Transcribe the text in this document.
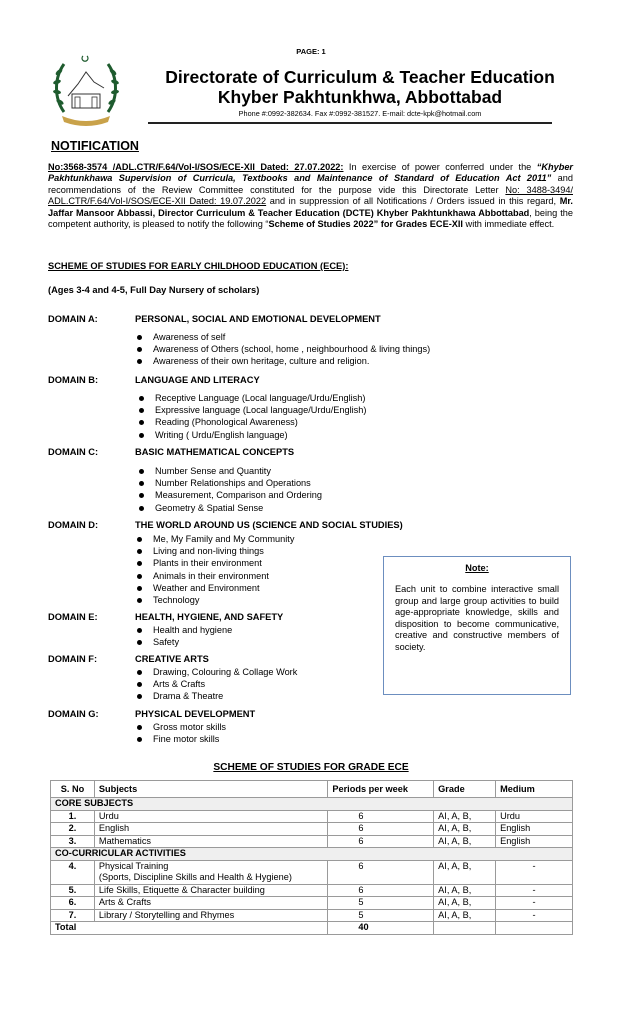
PAGE: 1
Directorate of Curriculum & Teacher Education
Khyber Pakhtunkhwa, Abbottabad
Phone #:0992-382634. Fax #:0992-381527. E-mail: dcte-kpk@hotmail.com
NOTIFICATION
No:3568-3574 /ADL.CTR/F.64/Vol-I/SOS/ECE-XII Dated: 27.07.2022: In exercise of power conferred under the “Khyber Pakhtunkhawa Supervision of Curricula, Textbooks and Maintenance of Standard of Education Act 2011” and recommendations of the Review Committee constituted for the purpose vide this Directorate Letter No: 3488-3494/ ADL.CTR/F.64/Vol-I/SOS/ECE-XII Dated: 19.07.2022 and in suppression of all Notifications / Orders issued in this regard, Mr. Jaffar Mansoor Abbassi, Director Curriculum & Teacher Education (DCTE) Khyber Pakhtunkhawa Abbottabad, being the competent authority, is pleased to notify the following “Scheme of Studies 2022” for Grades ECE-XII with immediate effect.
SCHEME OF STUDIES FOR EARLY CHILDHOOD EDUCATION (ECE):
(Ages 3-4 and 4-5, Full Day Nursery of scholars)
DOMAIN A:	PERSONAL, SOCIAL AND EMOTIONAL DEVELOPMENT
Awareness of self
Awareness of Others (school, home , neighbourhood & living things)
Awareness of their own heritage, culture and religion.
DOMAIN B:	LANGUAGE AND LITERACY
Receptive Language (Local language/Urdu/English)
Expressive language (Local language/Urdu/English)
Reading (Phonological Awareness)
Writing ( Urdu/English language)
DOMAIN C:	BASIC MATHEMATICAL CONCEPTS
Number Sense and Quantity
Number Relationships and Operations
Measurement, Comparison and Ordering
Geometry & Spatial Sense
DOMAIN D:	THE WORLD AROUND US (SCIENCE AND SOCIAL STUDIES)
Me, My Family and My Community
Living and non-living things
Plants in their environment
Animals in their environment
Weather and Environment
Technology
DOMAIN E:	HEALTH, HYGIENE, AND SAFETY
Health and hygiene
Safety
DOMAIN F:	CREATIVE ARTS
Drawing, Colouring & Collage Work
Arts & Crafts
Drama & Theatre
DOMAIN G:	PHYSICAL DEVELOPMENT
Gross motor skills
Fine motor skills
Note:
Each unit to combine interactive small group and large group activities to build age-appropriate knowledge, skills and disposition to become communicative, creative and constructive members of society.
SCHEME OF STUDIES FOR GRADE ECE
S. No	Subjects	Periods per week	Grade	Medium
CORE SUBJECTS				
1.	Urdu	6	AI, A, B,	Urdu
2.	English	6	AI, A, B,	English
3.	Mathematics	6	AI, A, B,	English
CO-CURRICULAR ACTIVITIES				
4.	Physical Training
(Sports, Discipline Skills and Health & Hygiene)	6	AI, A, B,	-
5.	Life Skills, Etiquette & Character building	6	AI, A, B,	-
6.	Arts & Crafts	5	AI, A, B,	-
7.	Library / Storytelling and Rhymes	5	AI, A, B,	-
Total		40		
